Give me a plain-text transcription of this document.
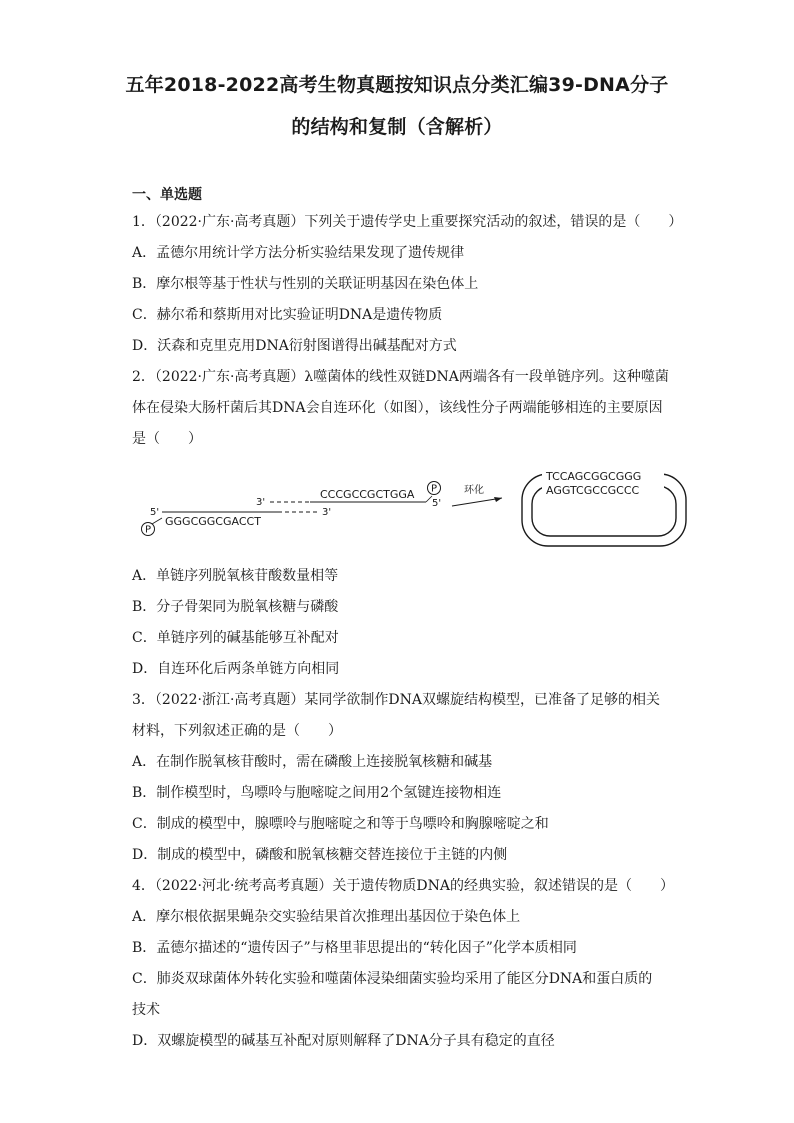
五年2018-2022高考生物真题按知识点分类汇编39-DNA分子
的结构和复制（含解析）
一、单选题
1．（2022·广东·高考真题）下列关于遗传学史上重要探究活动的叙述，错误的是（　　）
A．孟德尔用统计学方法分析实验结果发现了遗传规律
B．摩尔根等基于性状与性别的关联证明基因在染色体上
C．赫尔希和蔡斯用对比实验证明DNA是遗传物质
D．沃森和克里克用DNA衍射图谱得出碱基配对方式
2．（2022·广东·高考真题）λ噬菌体的线性双链DNA两端各有一段单链序列。这种噬菌
体在侵染大肠杆菌后其DNA会自连环化（如图），该线性分子两端能够相连的主要原因
是（　　）
P
5'
GGGCGGCGACCT
3'
3'
CCCGCCGCTGGA P
5'
环化
TCCAGCGGCGGG
AGGTCGCCGCCC
A．单链序列脱氧核苷酸数量相等
B．分子骨架同为脱氧核糖与磷酸
C．单链序列的碱基能够互补配对
D．自连环化后两条单链方向相同
3．（2022·浙江·高考真题）某同学欲制作DNA双螺旋结构模型，已准备了足够的相关
材料，下列叙述正确的是（　　）
A．在制作脱氧核苷酸时，需在磷酸上连接脱氧核糖和碱基
B．制作模型时，鸟嘌呤与胞嘧啶之间用2个氢键连接物相连
C．制成的模型中，腺嘌呤与胞嘧啶之和等于鸟嘌呤和胸腺嘧啶之和
D．制成的模型中，磷酸和脱氧核糖交替连接位于主链的内侧
4．（2022·河北·统考高考真题）关于遗传物质DNA的经典实验，叙述错误的是（　　）
A．摩尔根依据果蝇杂交实验结果首次推理出基因位于染色体上
B．孟德尔描述的“遗传因子”与格里菲思提出的“转化因子”化学本质相同
C．肺炎双球菌体外转化实验和噬菌体浸染细菌实验均采用了能区分DNA和蛋白质的
技术
D．双螺旋模型的碱基互补配对原则解释了DNA分子具有稳定的直径
